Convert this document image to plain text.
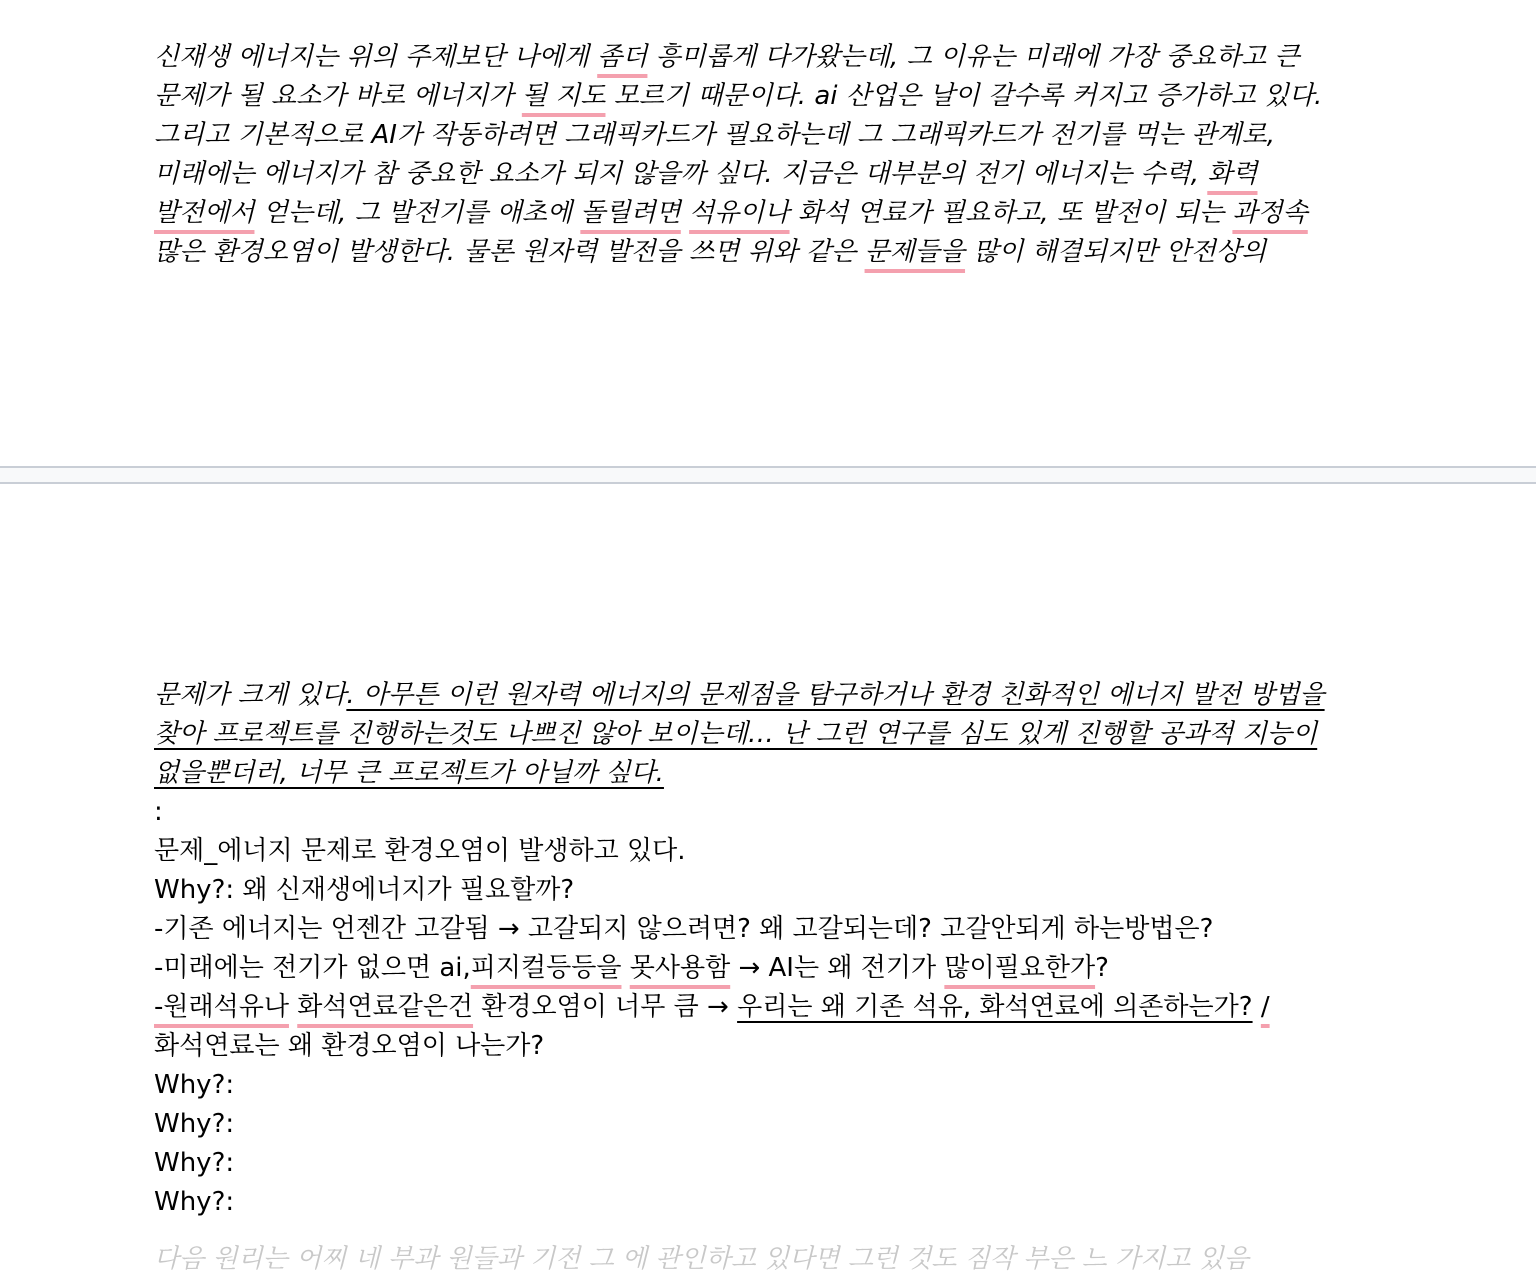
신재생 에너지는 위의 주제보단 나에게 좀더 흥미롭게 다가왔는데, 그 이유는 미래에 가장 중요하고 큰
문제가 될 요소가 바로 에너지가 될 지도 모르기 때문이다. ai 산업은 날이 갈수록 커지고 증가하고 있다.
그리고 기본적으로 AI가 작동하려면 그래픽카드가 필요하는데 그 그래픽카드가 전기를 먹는 관계로,
미래에는 에너지가 참 중요한 요소가 되지 않을까 싶다. 지금은 대부분의 전기 에너지는 수력, 화력
발전에서 얻는데, 그 발전기를 애초에 돌릴려면 석유이나 화석 연료가 필요하고, 또 발전이 되는 과정속
많은 환경오염이 발생한다. 물론 원자력 발전을 쓰면 위와 같은 문제들을 많이 해결되지만 안전상의
문제가 크게 있다. 아무튼 이런 원자력 에너지의 문제점을 탐구하거나 환경 친화적인 에너지 발전 방법을
찾아 프로젝트를 진행하는것도 나쁘진 않아 보이는데… 난 그런 연구를 심도 있게 진행할 공과적 지능이
없을뿐더러, 너무 큰 프로젝트가 아닐까 싶다.
:
문제_에너지 문제로 환경오염이 발생하고 있다.
Why?: 왜 신재생에너지가 필요할까?
-기존 에너지는 언젠간 고갈됨 → 고갈되지 않으려면? 왜 고갈되는데? 고갈안되게 하는방법은?
-미래에는 전기가 없으면 ai,피지컬등등을 못사용함 → AI는 왜 전기가 많이필요한가?
-원래석유나 화석연료같은건 환경오염이 너무 큼 → 우리는 왜 기존 석유, 화석연료에 의존하는가? /
화석연료는 왜 환경오염이 나는가?
Why?:
Why?:
Why?:
Why?:
다음 원리는 어찌 네 부과 원들과 기전 그 에 관인하고 있다면 그런 것도 짐작 부은 느 가지고 있음
